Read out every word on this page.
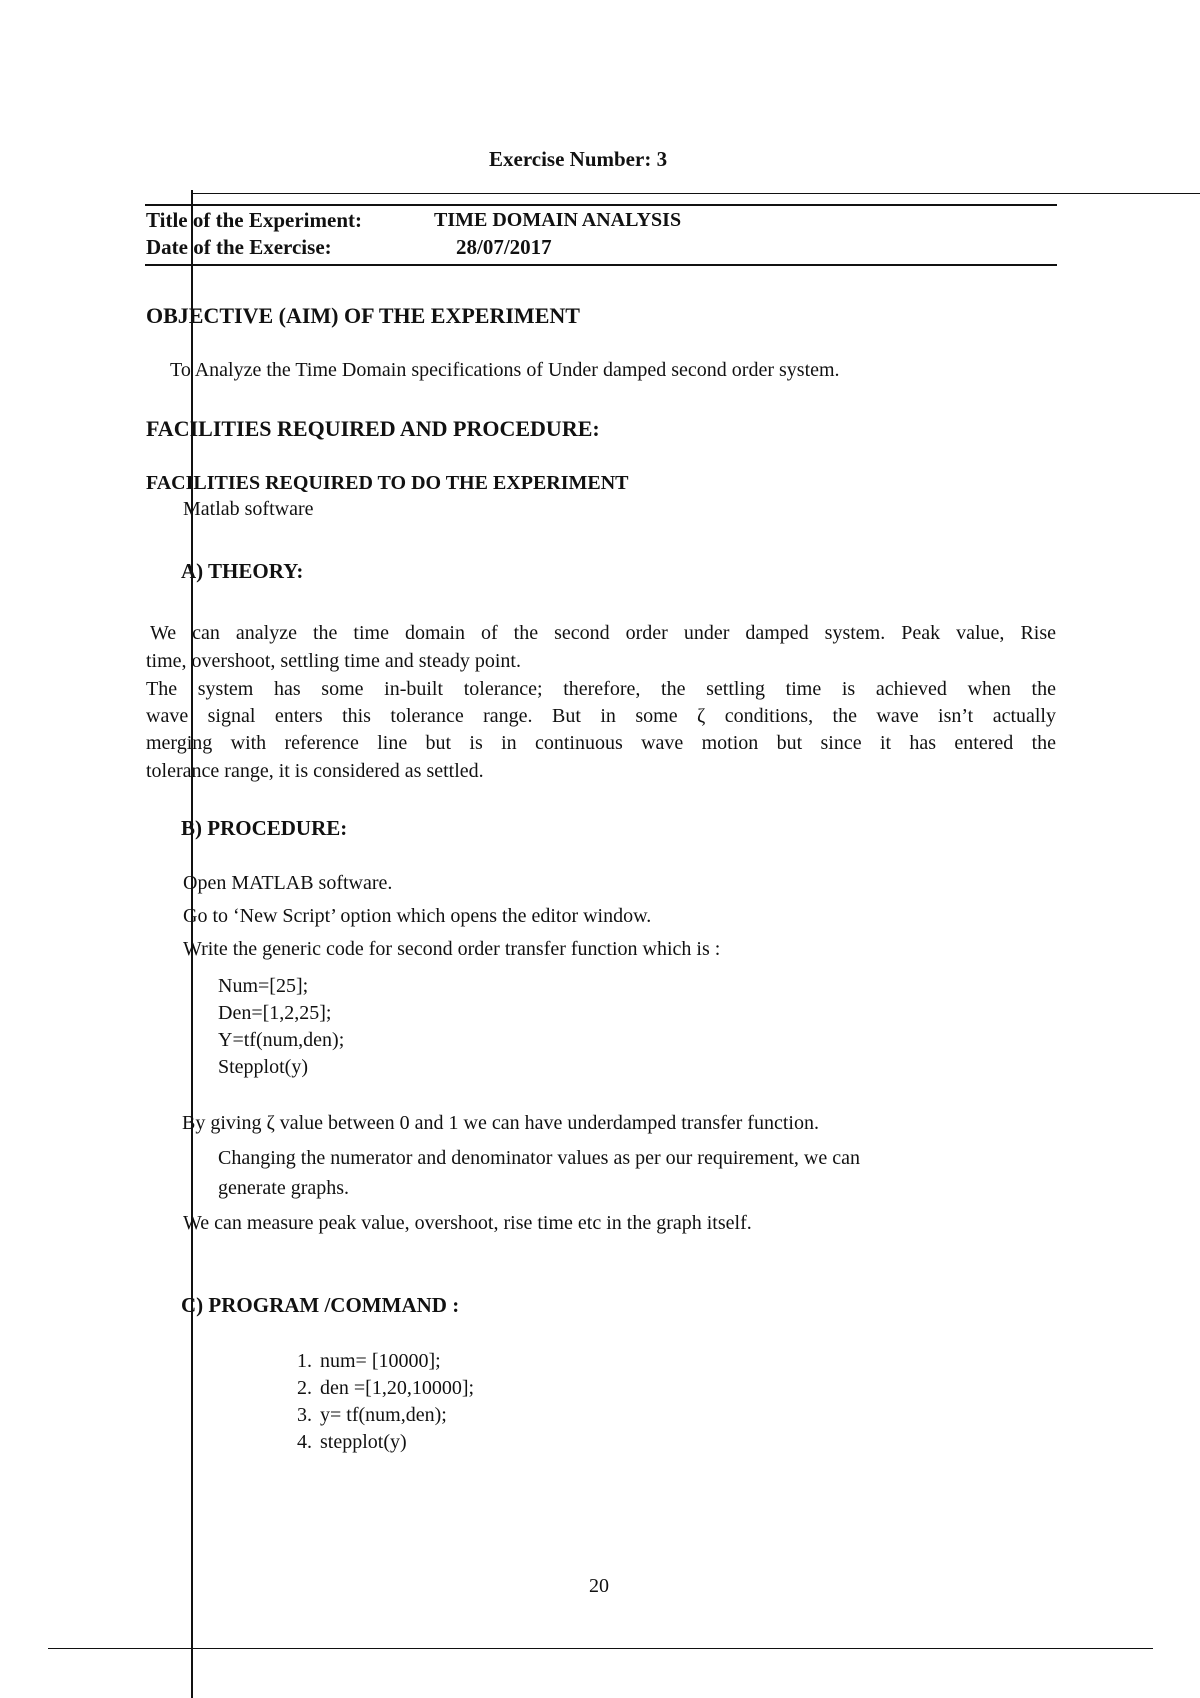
Exercise Number: 3
Title of the Experiment:	TIME DOMAIN ANALYSIS
Date of the Exercise:	28/07/2017
OBJECTIVE (AIM) OF THE EXPERIMENT
To Analyze the Time Domain specifications of Under damped second order system.
FACILITIES REQUIRED AND PROCEDURE:
FACILITIES REQUIRED TO DO THE EXPERIMENT
Matlab software
A) THEORY:
We can analyze the time domain of the second order under damped system. Peak value, Rise
time, overshoot, settling time and steady point.
The system has some in-built tolerance; therefore, the settling time is achieved when the
wave signal enters this tolerance range. But in some ζ conditions, the wave isn’t actually
merging with reference line but is in continuous wave motion but since it has entered the
tolerance range, it is considered as settled.
B) PROCEDURE:
Open MATLAB software.
Go to ‘New Script’ option which opens the editor window.
Write the generic code for second order transfer function which is :
Num=[25];
Den=[1,2,25];
Y=tf(num,den);
Stepplot(y)
By giving ζ value between 0 and 1 we can have underdamped transfer function.
Changing the numerator and denominator values as per our requirement, we can
generate graphs.
We can measure peak value, overshoot, rise time etc in the graph itself.
C) PROGRAM /COMMAND :
1. num= [10000];
2. den =[1,20,10000];
3. y= tf(num,den);
4. stepplot(y)
20
